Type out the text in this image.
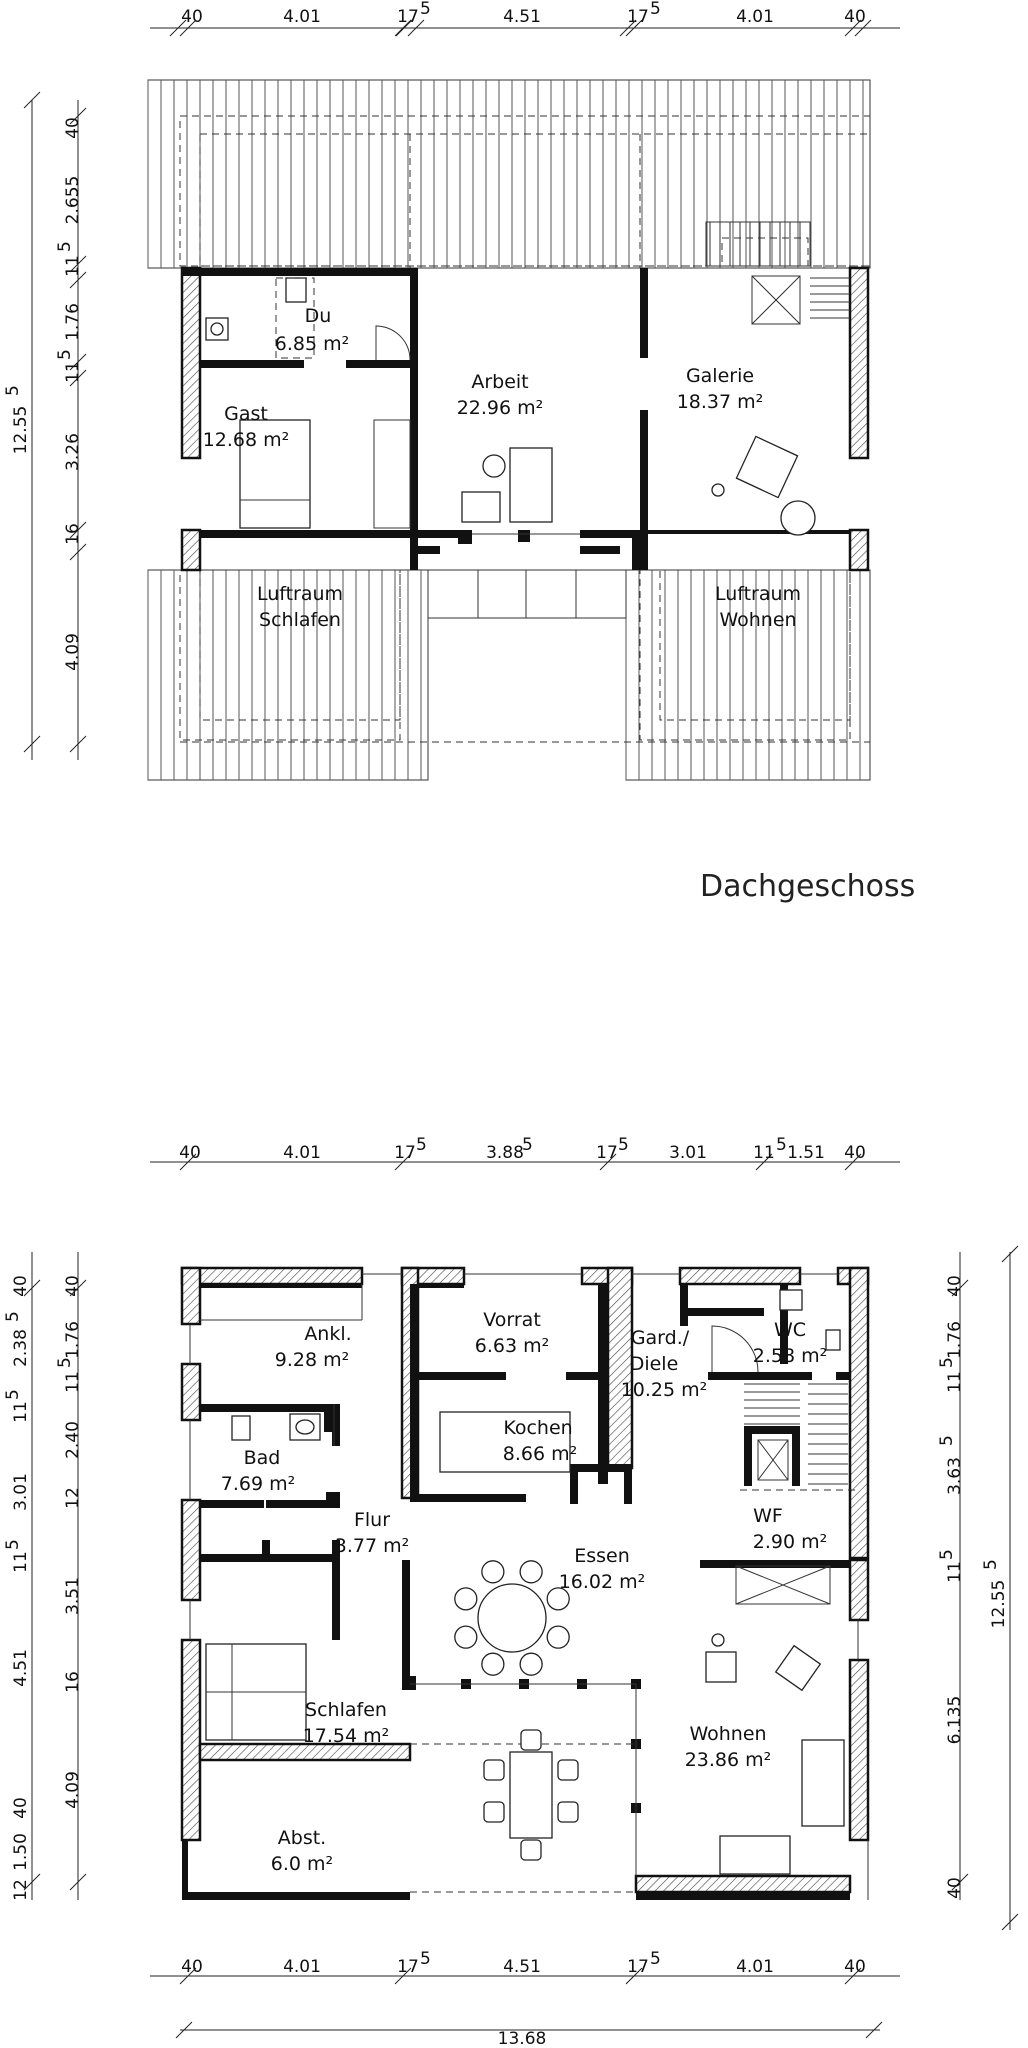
40	4.01	17 5	4.51	17 5	4.01	40
40
2.655
11
5
1.76
11
5
3.26
16
4.09
12.55
5
Du
6.85 m²
Arbeit
22.96 m²
Galerie
18.37 m²
Gast
12.68 m²
Luftraum
Schlafen
Luftraum
Wohnen
Dachgeschoss
40	4.01	17 5	3.88
5	17 5 3.01	11 5 1.51 40
40
2.38
5
11
5
3.01
11
5
4.51
40
1.50
12
40
1.76
11
5
2.40
12
3.51
16
4.09
40
1.76
11
5
3.63
5
11
5
6.135
40
12.55
5
Vorrat
6.63 m²
Ankl.
9.28 m²
Gard./
Diele
10.25 m²
WC
2.58 m²
Kochen
8.66 m²
Bad
7.69 m²
Flur
3.77 m²
WF
2.90 m²
Essen
16.02 m²
Schlafen
17.54 m²	Wohnen
23.86 m²
Abst.
6.0 m²
40	4.01	17 5	4.51	17 5	4.01	40
13.68
